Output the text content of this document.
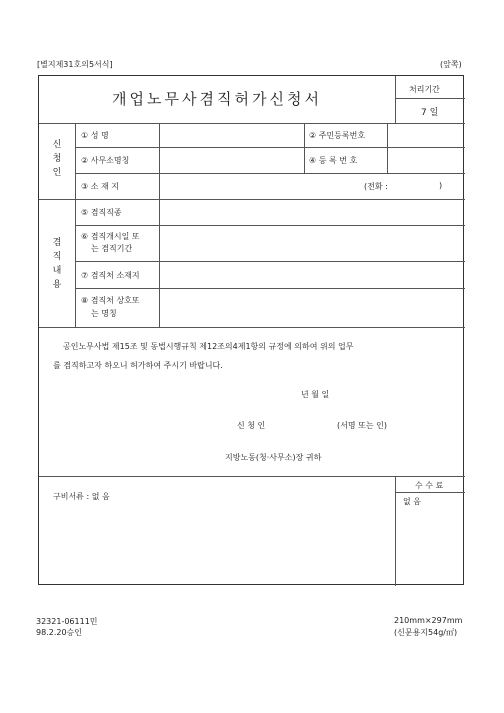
[별지제31호의5서식]	(앞쪽)
개업노무사겸직허가신청서
처리기간
7 일
신
청
인
① 성 명	② 주민등록번호
② 사무소명칭	④ 등 록 번 호
③ 소 재 지	(전화 :	)
겸
직
내
용
⑤ 겸직직종
⑥ 겸직개시일 또
는 겸직기간
⑦ 겸직처 소재지
⑧ 겸직처 상호또
는 명칭
공인노무사법 제15조 및 동법시행규칙 제12조의4제1항의 규정에 의하여 위의 업무
를 겸직하고자 하오니 허가하여 주시기 바랍니다.
년 월 일
신 청 인	(서명 또는 인)
지방노동(청·사무소)장 귀하
구비서류 : 없 음
수 수 료
없 음
32321-06111민
98.2.20승인
210mm×297mm
(신문용지54g/㎡)
